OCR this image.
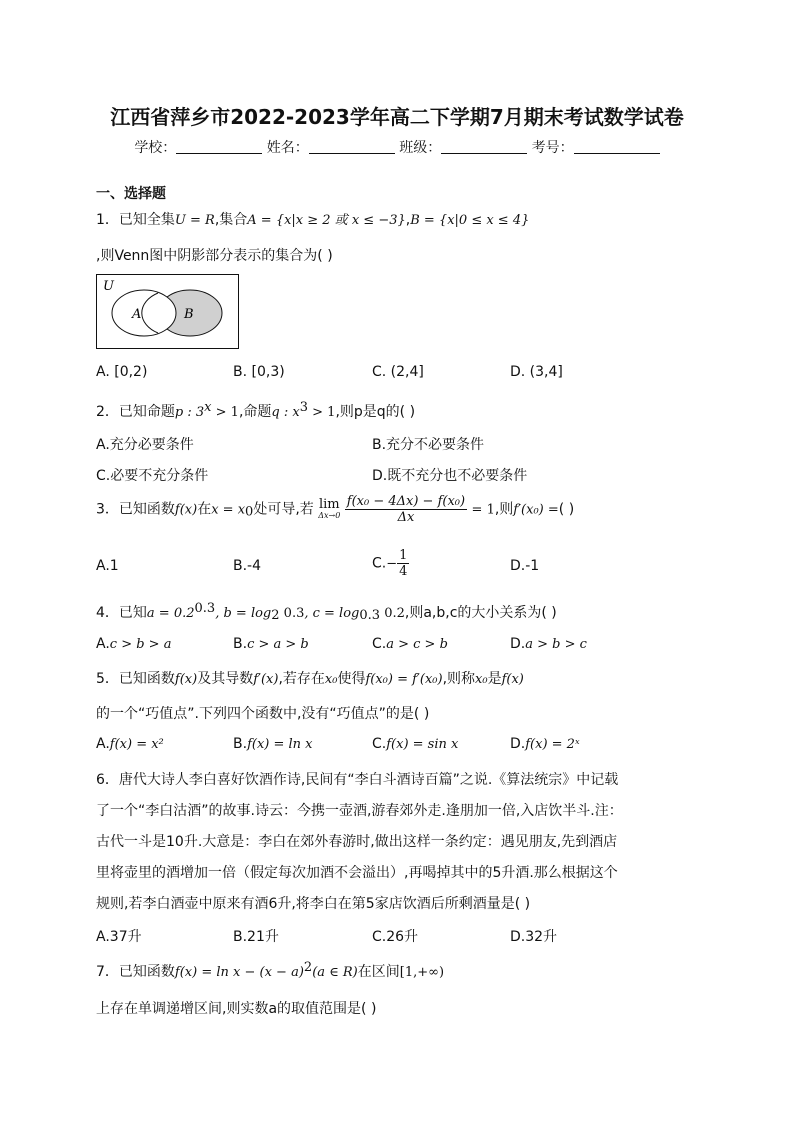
江西省萍乡市2022-2023学年高二下学期7月期末考试数学试卷
学校：	姓名：	班级：	考号：
一、选择题
1．已知全集U = R,集合A = {x|x ≥ 2 或 x ≤ −3},B = {x|0 ≤ x ≤ 4}
,则Venn图中阴影部分表示的集合为( )
U
A	B
A. [0,2)	B. [0,3)	C. (2,4]	D. (3,4]
2．已知命题p : $3^x > 1$,命题q : $x^3 > 1$,则p是q的( )
A.充分必要条件	B.充分不必要条件
C.必要不充分条件	D.既不充分也不必要条件
3．已知函数f(x)在$x = x_0$处可导,若 lim
Δx→0
$\frac{\text{f(x₀ − 4Δx) − f(x₀)}}{\Delta x} = 1$,则f′(x₀) =( )
A.1	B.-4	$C.- \frac{1}{4}$	D.-1
4．已知$a = 0.2^{0.3}$, $b = \log_2 0.3$, $c = \log_{0.3} 0.2$,则a,b,c的大小关系为( )
A.c > b > a	B.c > a > b	C.a > c > b	D.a > b > c
5．已知函数f(x)及其导数f′(x),若存在x₀使得f(x₀) = f′(x₀),则称x₀是f(x)
的一个“巧值点”.下列四个函数中,没有“巧值点”的是( )
A.f(x) = x²	B.f(x) = ln x	C.f(x) = sin x	D.f(x) = 2ˣ
6．唐代大诗人李白喜好饮酒作诗,民间有“李白斗酒诗百篇”之说.《算法统宗》中记载
了一个“李白沽酒”的故事.诗云：今携一壶酒,游春郊外走.逢朋加一倍,入店饮半斗.注：
古代一斗是10升.大意是：李白在郊外春游时,做出这样一条约定：遇见朋友,先到酒店
里将壶里的酒增加一倍（假定每次加酒不会溢出）,再喝掉其中的5升酒.那么根据这个
规则,若李白酒壶中原来有酒6升,将李白在第5家店饮酒后所剩酒量是( )
A.37升	B.21升	C.26升	D.32升
7．已知函数$f(x) = \ln x - (x - a)^2(a$ ∈ R)在区间[1,+∞)
上存在单调递增区间,则实数a的取值范围是( )
